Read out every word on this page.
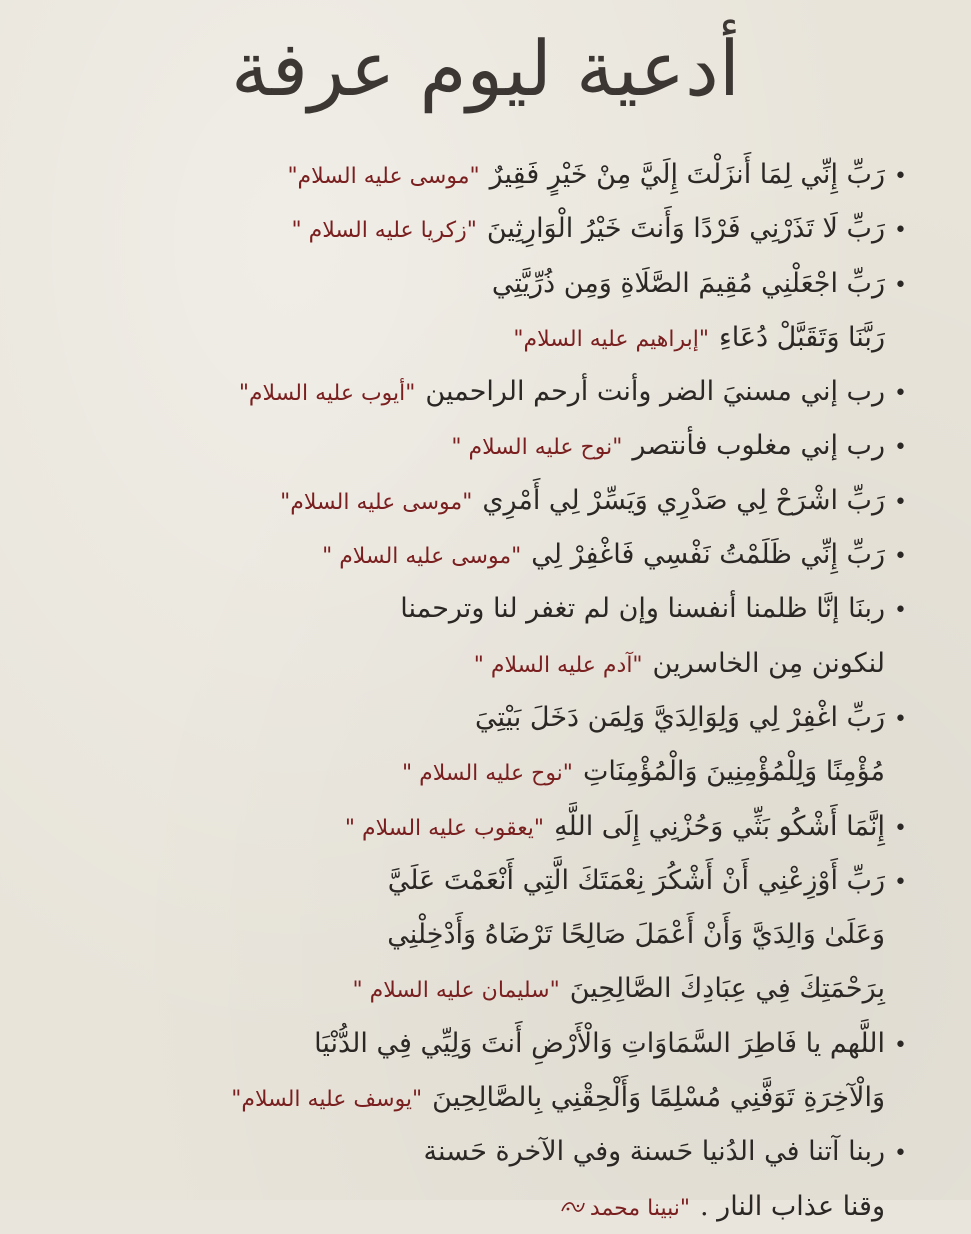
أدعية ليوم عرفة
•رَبِّ إِنِّي لِمَا أَنزَلْتَ إِلَيَّ مِنْ خَيْرٍ فَقِيرٌ"موسى عليه السلام"
•رَبِّ لَا تَذَرْنِي فَرْدًا وَأَنتَ خَيْرُ الْوَارِثِينَ"زكريا عليه السلام "
•رَبِّ اجْعَلْنِي مُقِيمَ الصَّلَاةِ وَمِن ذُرِّيَّتِي
رَبَّنَا وَتَقَبَّلْ دُعَاءِ"إبراهيم عليه السلام"
•رب إني مسنيَ الضر وأنت أرحم الراحمين"أيوب عليه السلام"
•رب إني مغلوب فأنتصر"نوح عليه السلام "
•رَبِّ اشْرَحْ لِي صَدْرِي وَيَسِّرْ لِي أَمْرِي"موسى عليه السلام"
•رَبِّ إِنِّي ظَلَمْتُ نَفْسِي فَاغْفِرْ لِي"موسى عليه السلام "
•ربنَا إنَّا ظلمنا أنفسنا وإن لم تغفر لنا وترحمنا
لنكونن مِن الخاسرين"آدم عليه السلام "
•رَبِّ اغْفِرْ لِي وَلِوَالِدَيَّ وَلِمَن دَخَلَ بَيْتِيَ
مُؤْمِنًا وَلِلْمُؤْمِنِينَ وَالْمُؤْمِنَاتِ"نوح عليه السلام "
•إِنَّمَا أَشْكُو بَثِّي وَحُزْنِي إِلَى اللَّهِ"يعقوب عليه السلام "
•رَبِّ أَوْزِعْنِي أَنْ أَشْكُرَ نِعْمَتَكَ الَّتِي أَنْعَمْتَ عَلَيَّ
وَعَلَىٰ وَالِدَيَّ وَأَنْ أَعْمَلَ صَالِحًا تَرْضَاهُ وَأَدْخِلْنِي
بِرَحْمَتِكَ فِي عِبَادِكَ الصَّالِحِينَ"سليمان عليه السلام "
•اللَّهم يا فَاطِرَ السَّمَاوَاتِ وَالْأَرْضِ أَنتَ وَلِيِّي فِي الدُّنْيَا
وَالْآخِرَةِ تَوَفَّنِي مُسْلِمًا وَأَلْحِقْنِي بِالصَّالِحِينَ"يوسف عليه السلام"
•ربنا آتنا في الدُنيا حَسنة وفي الآخرة حَسنة
وقنا عذاب النار ."نبينا محمد
